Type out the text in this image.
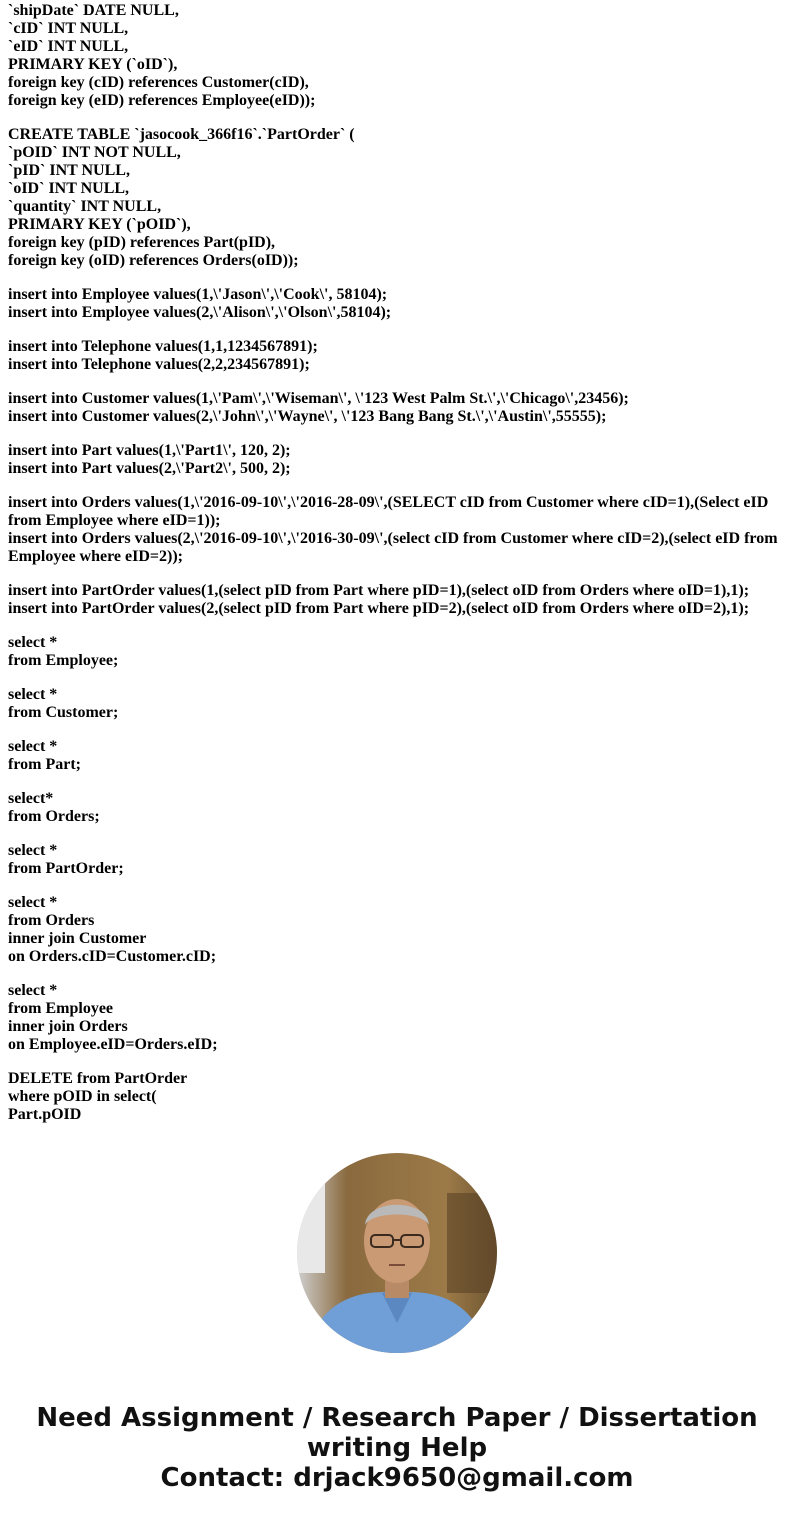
`shipDate` DATE NULL,
`cID` INT NULL,
`eID` INT NULL,
PRIMARY KEY (`oID`),
foreign key (cID) references Customer(cID),
foreign key (eID) references Employee(eID));
CREATE TABLE `jasocook_366f16`.`PartOrder` (
`pOID` INT NOT NULL,
`pID` INT NULL,
`oID` INT NULL,
`quantity` INT NULL,
PRIMARY KEY (`pOID`),
foreign key (pID) references Part(pID),
foreign key (oID) references Orders(oID));
insert into Employee values(1,\'Jason\',\'Cook\', 58104);
insert into Employee values(2,\'Alison\',\'Olson\',58104);
insert into Telephone values(1,1,1234567891);
insert into Telephone values(2,2,234567891);
insert into Customer values(1,\'Pam\',\'Wiseman\', \'123 West Palm St.\',\'Chicago\',23456);
insert into Customer values(2,\'John\',\'Wayne\', \'123 Bang Bang St.\',\'Austin\',55555);
insert into Part values(1,\'Part1\', 120, 2);
insert into Part values(2,\'Part2\', 500, 2);
insert into Orders values(1,\'2016-09-10\',\'2016-28-09\',(SELECT cID from Customer where cID=1),(Select eID from Employee where eID=1));
insert into Orders values(2,\'2016-09-10\',\'2016-30-09\',(select cID from Customer where cID=2),(select eID from Employee where eID=2));
insert into PartOrder values(1,(select pID from Part where pID=1),(select oID from Orders where oID=1),1);
insert into PartOrder values(2,(select pID from Part where pID=2),(select oID from Orders where oID=2),1);
select *
from Employee;
select *
from Customer;
select *
from Part;
select*
from Orders;
select *
from PartOrder;
select *
from Orders
inner join Customer
on Orders.cID=Customer.cID;
select *
from Employee
inner join Orders
on Employee.eID=Orders.eID;
DELETE from PartOrder
where pOID in select(
Part.pOID
Need Assignment / Research Paper / Dissertation writing Help
Contact: drjack9650@gmail.com
